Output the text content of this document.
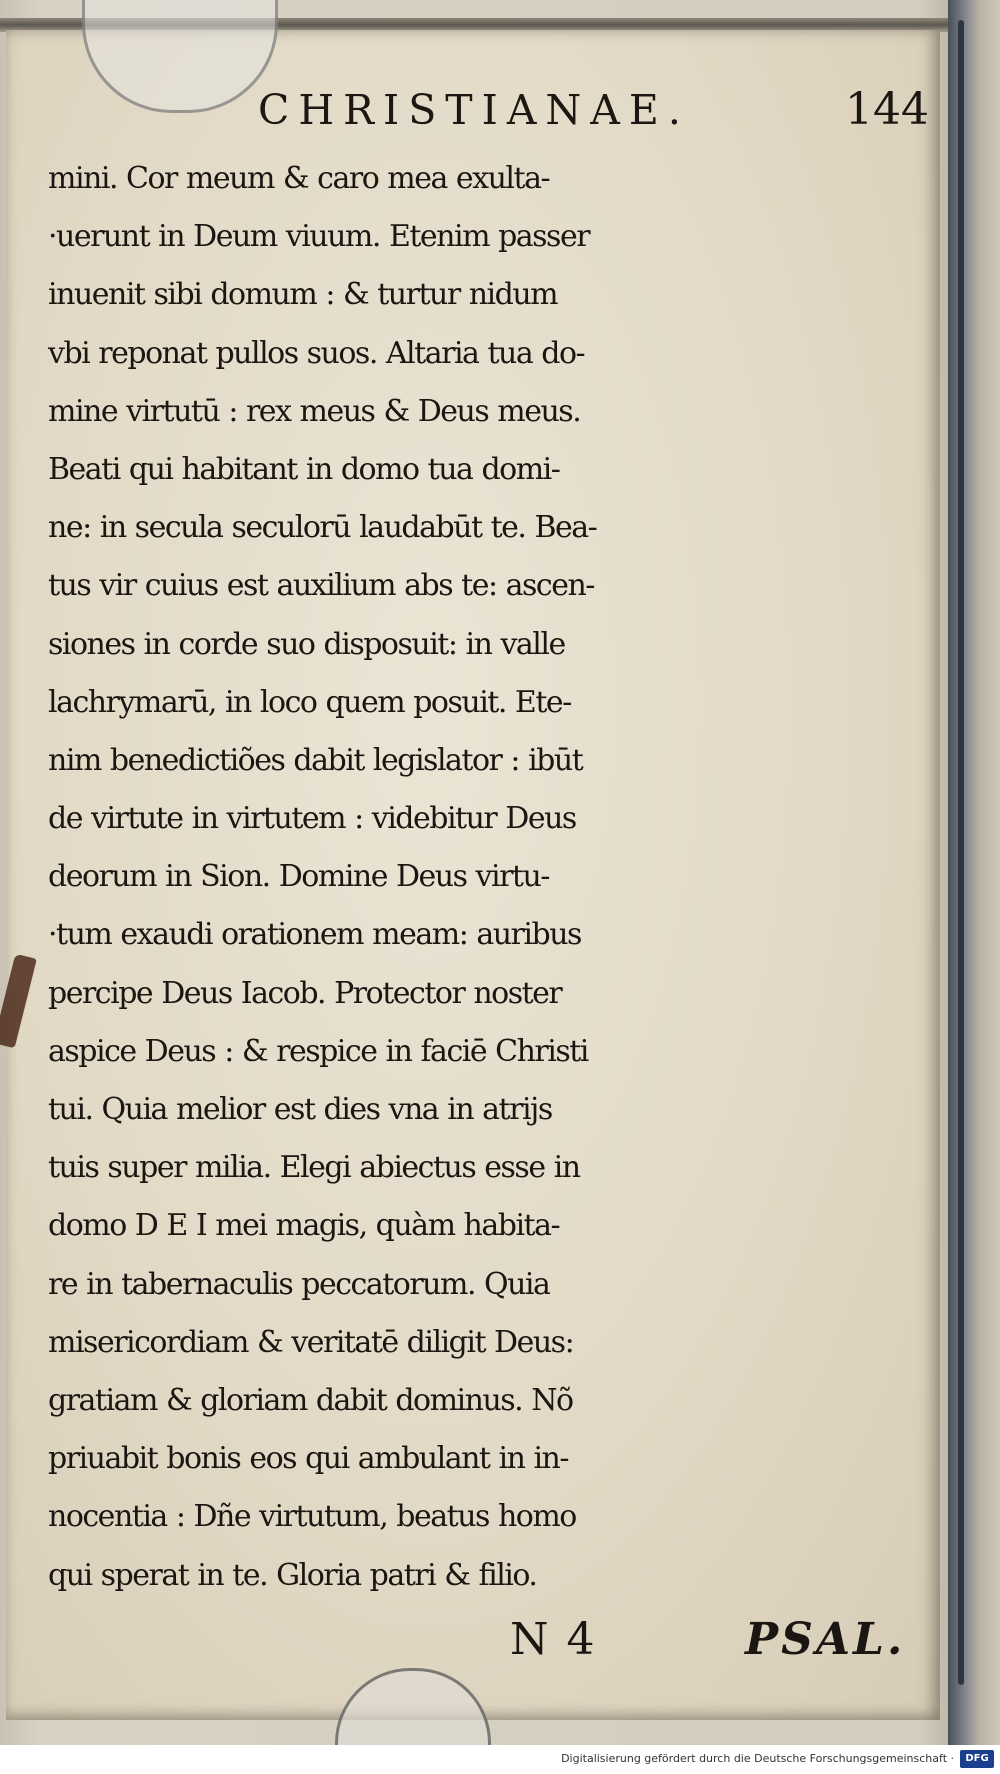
CHRISTIANAE.	144
mini. Cor meum & caro mea exulta-
·uerunt in Deum viuum. Etenim passer
inuenit sibi domum : & turtur nidum
vbi reponat pullos suos. Altaria tua do-
mine virtutū : rex meus & Deus meus.
Beati qui habitant in domo tua domi-
ne: in secula seculorū laudabūt te. Bea-
tus vir cuius est auxilium abs te: ascen-
siones in corde suo disposuit: in valle
lachrymarū, in loco quem posuit. Ete-
nim benedictiões dabit legislator : ibūt
de virtute in virtutem : videbitur Deus
deorum in Sion. Domine Deus virtu-
·tum exaudi orationem meam: auribus
percipe Deus Iacob. Protector noster
aspice Deus : & respice in faciē Christi
tui. Quia melior est dies vna in atrijs
tuis super milia. Elegi abiectus esse in
domo D E I mei magis, quàm habita-
re in tabernaculis peccatorum. Quia
misericordiam & veritatē diligit Deus:
gratiam & gloriam dabit dominus. Nõ
priuabit bonis eos qui ambulant in in-
nocentia : Dñe virtutum, beatus homo
qui sperat in te. Gloria patri & filio.
N 4	PSAL.
Digitalisierung gefördert durch die Deutsche Forschungsgemeinschaft ·	DFG
